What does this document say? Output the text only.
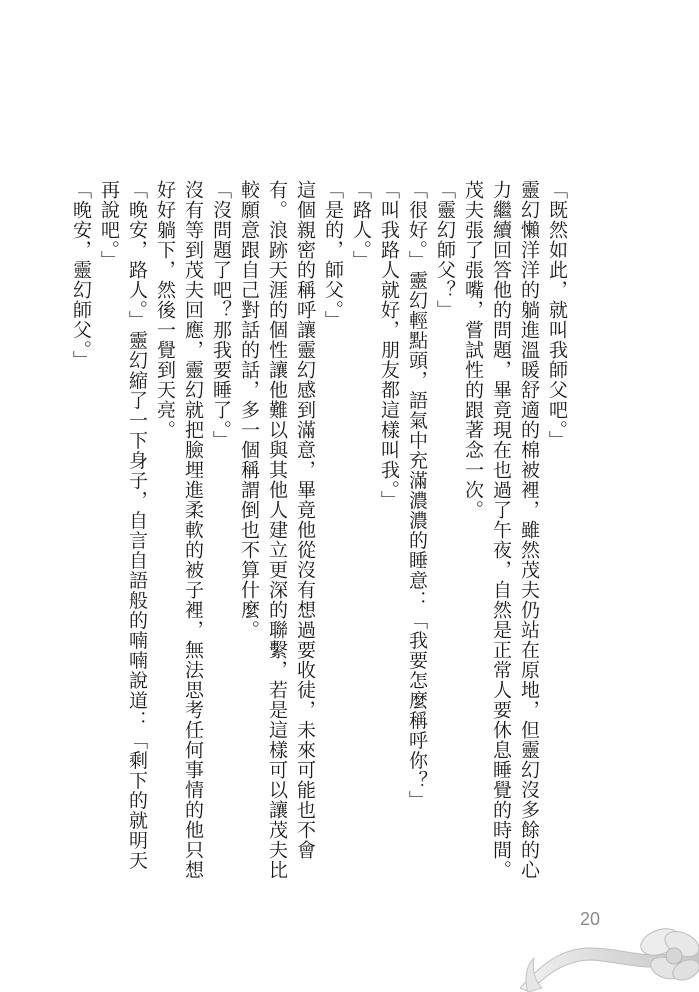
「既然如此，就叫我師父吧。」

靈幻懶洋洋的躺進溫暖舒適的棉被裡，雖然茂夫仍站在原地，但靈幻沒多餘的心力繼續回答他的問題，畢竟現在也過了午夜，自然是正常人要休息睡覺的時間。

茂夫張了張嘴，嘗試性的跟著念一次。

「靈幻師父？」

「很好。」靈幻輕點頭，語氣中充滿濃濃的睡意：「我要怎麼稱呼你？」

「叫我路人就好，朋友都這樣叫我。」

「路人。」

「是的，師父。」

這個親密的稱呼讓靈幻感到滿意，畢竟他從沒有想過要收徒，未來可能也不會有。浪跡天涯的個性讓他難以與其他人建立更深的聯繫，若是這樣可以讓茂夫比較願意跟自己對話的話，多一個稱謂倒也不算什麼。

「沒問題了吧？那我要睡了。」

沒有等到茂夫回應，靈幻就把臉埋進柔軟的被子裡，無法思考任何事情的他只想好好躺下，然後一覺到天亮。

「晚安，路人。」靈幻縮了一下身子，自言自語般的喃喃說道：「剩下的就明天再說吧。」

「晚安，靈幻師父。」

20
